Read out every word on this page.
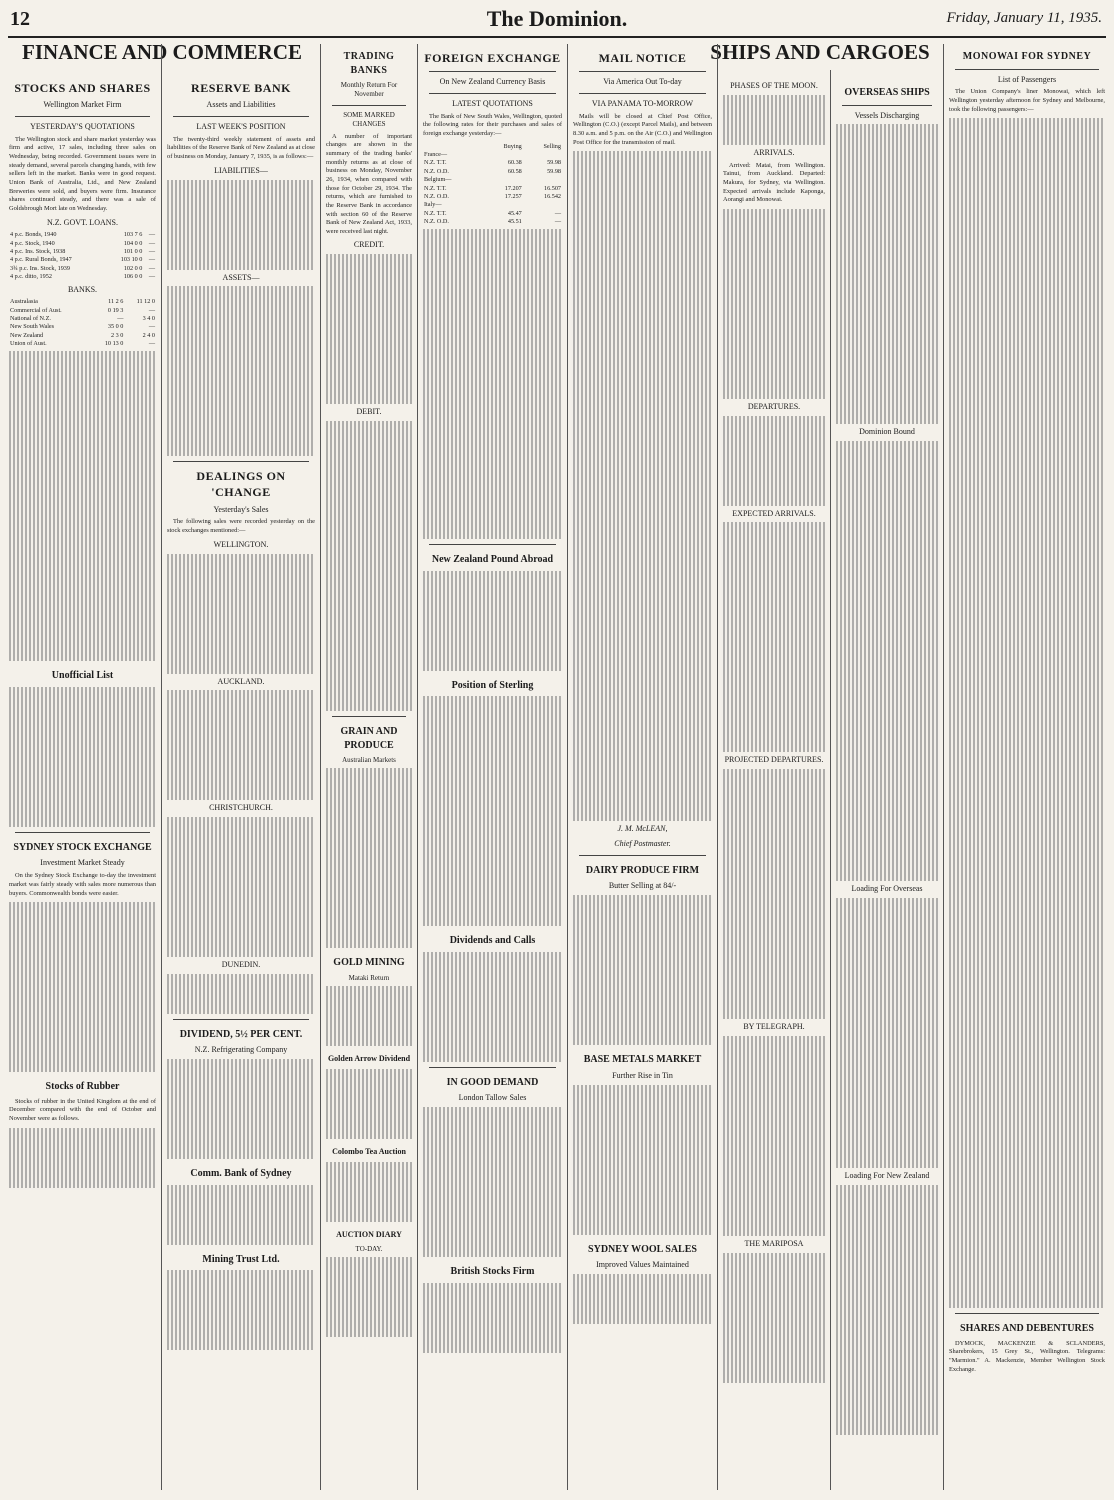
12	The Dominion.	Friday, January 11, 1935.
FINANCE AND COMMERCE	SHIPS AND CARGOES
STOCKS AND SHARES
Wellington Market Firm
YESTERDAY'S QUOTATIONS

The Wellington stock and share market yesterday was firm and active, 17 sales, including three sales on Wednesday, being recorded. Government issues were in steady demand, several parcels changing hands, with few sellers left in the market. Banks were in good request. Union Bank of Australia, Ltd., and New Zealand Breweries were sold, and buyers were firm. Insurance shares continued steady, and there was a sale of Goldsbrough Mort late on Wednesday.

N.Z. GOVT. LOANS.
4 p.c. Bonds, 1940	103 7 6	—
4 p.c. Stock, 1940	104 0 0	—
4 p.c. Ins. Stock, 1938	101 0 0	—
4 p.c. Rural Bonds, 1947	103 10 0	—
3¾ p.c. Ins. Stock, 1939	102 0 0	—
4 p.c. ditto, 1952	106 0 0	—
BANKS.
Australasia	11 2 6	11 12 0
Commercial of Aust.	0 19 3	—
National of N.Z.	—	3 4 0
New South Wales	35 0 0	—
New Zealand	2 3 0	2 4 0
Union of Aust.	10 13 0	—
Unofficial List
SYDNEY STOCK EXCHANGE
Investment Market Steady

On the Sydney Stock Exchange to-day the investment market was fairly steady with sales more numerous than buyers. Commonwealth bonds were easier.

Stocks of Rubber

Stocks of rubber in the United Kingdom at the end of December compared with the end of October and November were as follows.

RESERVE BANK
Assets and Liabilities
LAST WEEK'S POSITION

The twenty-third weekly statement of assets and liabilities of the Reserve Bank of New Zealand as at close of business on Monday, January 7, 1935, is as follows:—

LIABILITIES—
ASSETS—
DEALINGS ON 'CHANGE
Yesterday's Sales

The following sales were recorded yesterday on the stock exchanges mentioned:—

WELLINGTON.
AUCKLAND.
CHRISTCHURCH.
DUNEDIN.
DIVIDEND, 5½ PER CENT.
N.Z. Refrigerating Company
Comm. Bank of Sydney
Mining Trust Ltd.
TRADING BANKS
Monthly Return For November
SOME MARKED CHANGES

A number of important changes are shown in the summary of the trading banks' monthly returns as at close of business on Monday, November 26, 1934, when compared with those for October 29, 1934. The returns, which are furnished to the Reserve Bank in accordance with section 60 of the Reserve Bank of New Zealand Act, 1933, were received last night.

CREDIT.
DEBIT.
GRAIN AND PRODUCE
Australian Markets
GOLD MINING
Mataki Return
Golden Arrow Dividend
Colombo Tea Auction
AUCTION DIARY
TO-DAY.
FOREIGN EXCHANGE
On New Zealand Currency Basis
LATEST QUOTATIONS

The Bank of New South Wales, Wellington, quoted the following rates for their purchases and sales of foreign exchange yesterday:—

	Buying	Selling
France—		
N.Z. T.T.	60.38	59.98
N.Z. O.D.	60.58	59.98
Belgium—		
N.Z. T.T.	17.207	16.507
N.Z. O.D.	17.257	16.542
Italy—		
N.Z. T.T.	45.47	—
N.Z. O.D.	45.51	—
New Zealand Pound Abroad
Position of Sterling
Dividends and Calls
IN GOOD DEMAND
London Tallow Sales
British Stocks Firm
MAIL NOTICE
Via America Out To-day
VIA PANAMA TO-MORROW

Mails will be closed at Chief Post Office, Wellington (C.O.) (except Parcel Mails), and between 8.30 a.m. and 5 p.m. on the Air (C.O.) and Wellington Post Office for the transmission of mail.

J. M. McLEAN,
Chief Postmaster.
DAIRY PRODUCE FIRM
Butter Selling at 84/-
BASE METALS MARKET
Further Rise in Tin
SYDNEY WOOL SALES
Improved Values Maintained
PHASES OF THE MOON.
ARRIVALS.

Arrived: Matai, from Wellington. Tainui, from Auckland. Departed: Makura, for Sydney, via Wellington. Expected arrivals include Kaponga, Aorangi and Monowai.

DEPARTURES.
EXPECTED ARRIVALS.
PROJECTED DEPARTURES.
BY TELEGRAPH.
THE MARIPOSA
OVERSEAS SHIPS
Vessels Discharging
Dominion Bound
Loading For Overseas
Loading For New Zealand
MONOWAI FOR SYDNEY
List of Passengers

The Union Company's liner Monowai, which left Wellington yesterday afternoon for Sydney and Melbourne, took the following passengers:—

SHARES AND DEBENTURES

DYMOCK, MACKENZIE & SCLANDERS, Sharebrokers, 15 Grey St., Wellington. Telegrams: "Marmion." A. Mackenzie, Member Wellington Stock Exchange.
